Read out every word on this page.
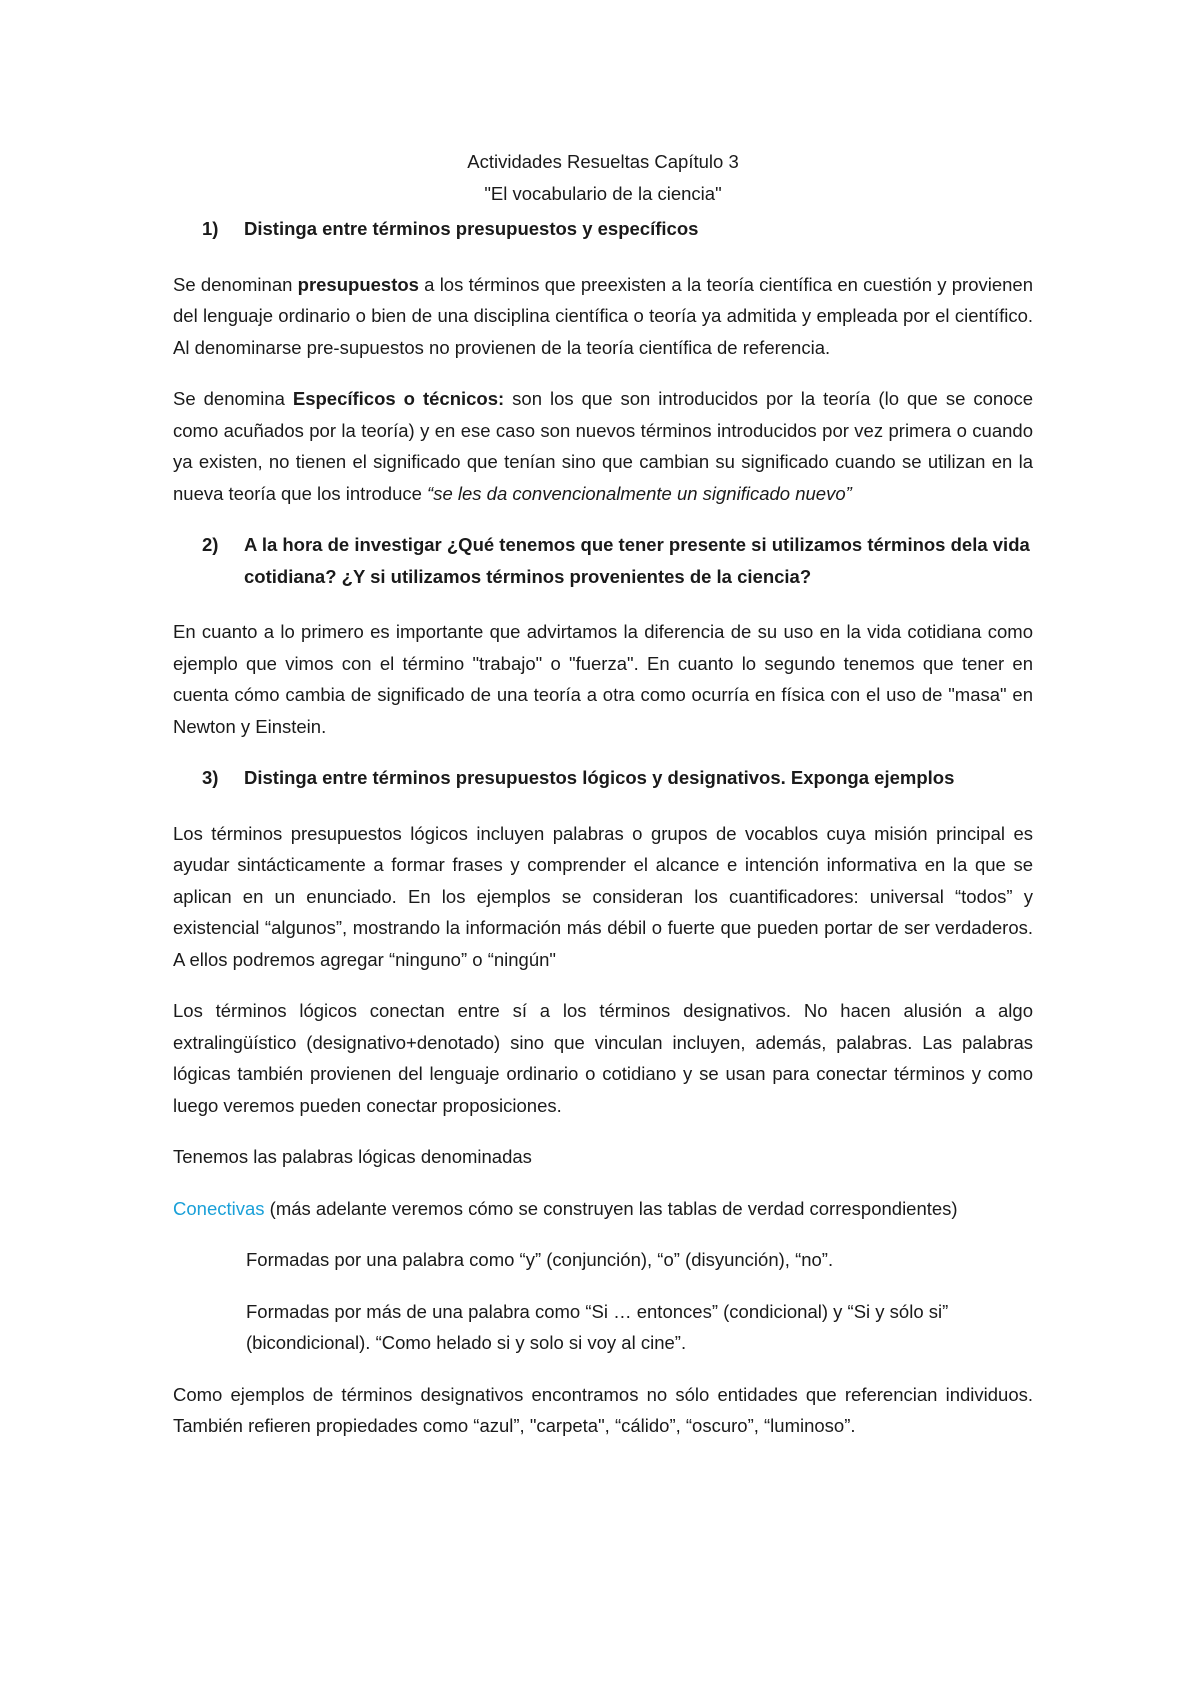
Actividades Resueltas Capítulo 3
"El vocabulario de la ciencia"
1)	Distinga entre términos presupuestos y específicos

Se denominan presupuestos a los términos que preexisten a la teoría científica en cuestión y provienen del lenguaje ordinario o bien de una disciplina científica o teoría ya admitida y empleada por el científico. Al denominarse pre-supuestos no provienen de la teoría científica de referencia.

Se denomina Específicos o técnicos: son los que son introducidos por la teoría (lo que se conoce como acuñados por la teoría) y en ese caso son nuevos términos introducidos por vez primera o cuando ya existen, no tienen el significado que tenían sino que cambian su significado cuando se utilizan en la nueva teoría que los introduce “se les da convencionalmente un significado nuevo”

2)	A la hora de investigar ¿Qué tenemos que tener presente si utilizamos términos dela vida cotidiana? ¿Y si utilizamos términos provenientes de la ciencia?

En cuanto a lo primero es importante que advirtamos la diferencia de su uso en la vida cotidiana como ejemplo que vimos con el término "trabajo" o "fuerza". En cuanto lo segundo tenemos que tener en cuenta cómo cambia de significado de una teoría a otra como ocurría en física con el uso de "masa" en Newton y Einstein.

3)	Distinga entre términos presupuestos lógicos y designativos. Exponga ejemplos

Los términos presupuestos lógicos incluyen palabras o grupos de vocablos cuya misión principal es ayudar sintácticamente a formar frases y comprender el alcance e intención informativa en la que se aplican en un enunciado. En los ejemplos se consideran los cuantificadores: universal “todos” y existencial “algunos”, mostrando la información más débil o fuerte que pueden portar de ser verdaderos. A ellos podremos agregar “ninguno” o “ningún"

Los términos lógicos conectan entre sí a los términos designativos. No hacen alusión a algo extralingüístico (designativo+denotado) sino que vinculan incluyen, además, palabras. Las palabras lógicas también provienen del lenguaje ordinario o cotidiano y se usan para conectar términos y como luego veremos pueden conectar proposiciones.

Tenemos las palabras lógicas denominadas

Conectivas (más adelante veremos cómo se construyen las tablas de verdad correspondientes)

Formadas por una palabra como “y” (conjunción), “o” (disyunción), “no”.

Formadas por más de una palabra como “Si … entonces” (condicional) y “Si y sólo si” (bicondicional). “Como helado si y solo si voy al cine”.

Como ejemplos de términos designativos encontramos no sólo entidades que referencian individuos. También refieren propiedades como “azul”, "carpeta", “cálido”, “oscuro”, “luminoso”.
